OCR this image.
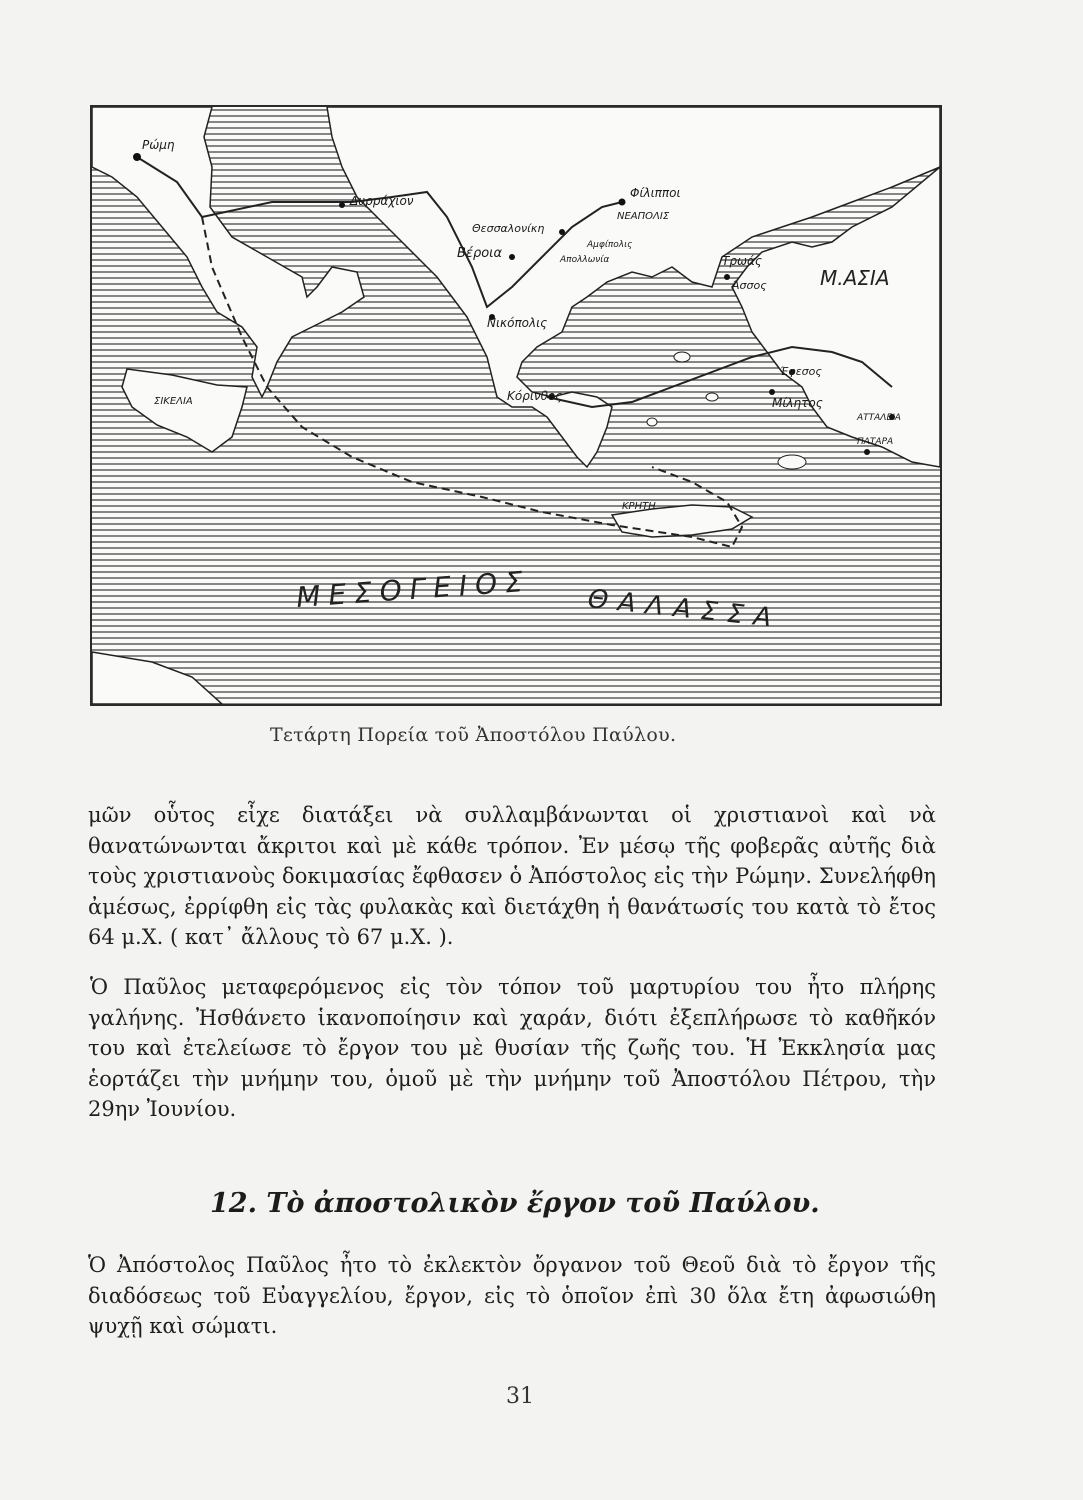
Ρώμη
Δυρράχιον
Φίλιπποι
ΝΕΑΠΟΛΙΣ
Θεσσαλονίκη
Βέροια
Αμφίπολις
Απολλωνία	Τρωάς
Άσσος	Μ.ΑΣΙΑ
Νικόπολις
ΣΙΚΕΛΙΑ	Κόρινθος
Έφεσος
Μίλητος
ΑΤΤΑΛΕΙΑ
ΠΑΤΑΡΑ
ΚΡΗΤΗ
ΜΕΣΟΓΕΙΟΣ ΘΑΛΑΣΣΑ
Τετάρτη Πορεία τοῦ Ἀποστόλου Παύλου.

μῶν οὗτος εἶχε διατάξει νὰ συλλαμβάνωνται οἱ χριστιανοὶ καὶ νὰ θανατώνωνται ἄκριτοι καὶ μὲ κάθε τρόπον. Ἐν μέσῳ τῆς φοβερᾶς αὐτῆς διὰ τοὺς χριστιανοὺς δοκιμασίας ἔφθασεν ὁ Ἀπόστολος εἰς τὴν Ρώμην. Συνελήφθη ἀμέσως, ἐρρίφθη εἰς τὰς φυλακὰς καὶ διετάχθη ἡ θανάτωσίς του κατὰ τὸ ἔτος 64 μ.Χ. ( κατ᾽ ἄλλους τὸ 67 μ.Χ. ).

Ὁ Παῦλος μεταφερόμενος εἰς τὸν τόπον τοῦ μαρτυρίου του ἦτο πλήρης γαλήνης. Ἠσθάνετο ἱκανοποίησιν καὶ χαράν, διότι ἐξεπλήρωσε τὸ καθῆκόν του καὶ ἐτελείωσε τὸ ἔργον του μὲ θυσίαν τῆς ζωῆς του. Ἡ Ἐκκλησία μας ἑορτάζει τὴν μνήμην του, ὁμοῦ μὲ τὴν μνήμην τοῦ Ἀποστόλου Πέτρου, τὴν 29ην Ἰουνίου.

12. Τὸ ἀποστολικὸν ἔργον τοῦ Παύλου.

Ὁ Ἀπόστολος Παῦλος ἦτο τὸ ἐκλεκτὸν ὄργανον τοῦ Θεοῦ διὰ τὸ ἔργον τῆς διαδόσεως τοῦ Εὐαγγελίου, ἔργον, εἰς τὸ ὁποῖον ἐπὶ 30 ὅλα ἔτη ἀφωσιώθη ψυχῇ καὶ σώματι.

31
